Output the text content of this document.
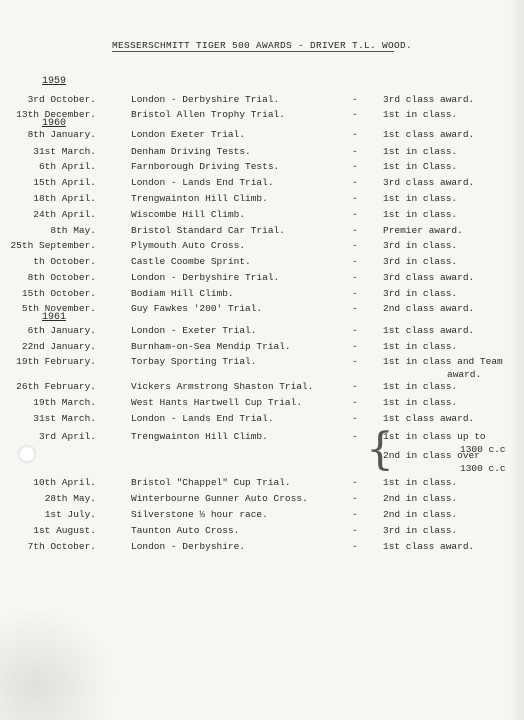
MESSERSCHMITT TIGER 500 AWARDS - DRIVER T.L. WOOD.
1959
1960
1961
3rd October.	London - Derbyshire Trial.	-	3rd class award.
13th December.	Bristol Allen Trophy Trial.	-	1st in class.
8th January.	London Exeter Trial.	-	1st class award.
31st March.	Denham Driving Tests.	-	1st in class.
6th April.	Farnborough Driving Tests.	-	1st in Class.
15th April.	London - Lands End Trial.	-	3rd class award.
18th April.	Trengwainton Hill Climb.	-	1st in class.
24th April.	Wiscombe Hill Climb.	-	1st in class.
8th May.	Bristol Standard Car Trial.	-	Premier award.
25th September.	Plymouth Auto Cross.	-	3rd in class.
th October.	Castle Coombe Sprint.	-	3rd in class.
8th October.	London - Derbyshire Trial.	-	3rd class award.
15th October.	Bodiam Hill Climb.	-	3rd in class.
5th November.	Guy Fawkes '200' Trial.	-	2nd class award.
6th January.	London - Exeter Trial.	-	1st class award.
22nd January.	Burnham-on-Sea Mendip Trial.	-	1st in class.
19th February.	Torbay Sporting Trial.	-	1st in class and Team
award.
26th February.	Vickers Armstrong Shaston Trial.	-	1st in class.
19th March.	West Hants Hartwell Cup Trial.	-	1st in class.
31st March.	London - Lands End Trial.	-	1st class award.
3rd April.	Trengwainton Hill Climb.	-	1st in class up to
1300 c.c
2nd in class over
1300 c.c
10th April.	Bristol "Chappel" Cup Trial.	-	1st in class.
28th May.	Winterbourne Gunner Auto Cross.	-	2nd in class.
1st July.	Silverstone ½ hour race.	-	2nd in class.
1st August.	Taunton Auto Cross.	-	3rd in class.
7th October.	London - Derbyshire.	-	1st class award.
{
